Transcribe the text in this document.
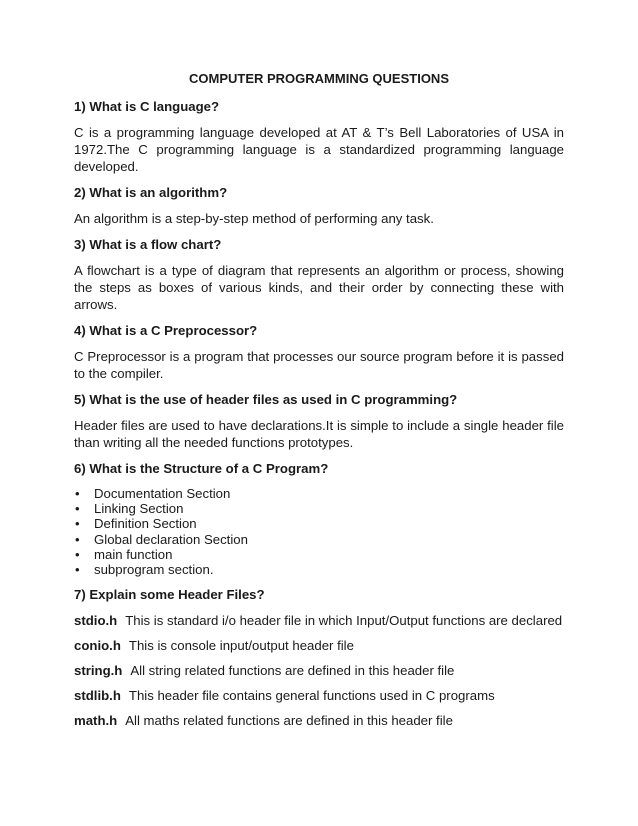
COMPUTER PROGRAMMING QUESTIONS
1) What is C language?
C is a programming language developed at AT & T’s Bell Laboratories of USA in 1972.The C programming language is a standardized programming language developed.
2) What is an algorithm?
An algorithm is a step-by-step method of performing any task.
3) What is a flow chart?
A flowchart is a type of diagram that represents an algorithm or process, showing the steps as boxes of various kinds, and their order by connecting these with arrows.
4) What is a C Preprocessor?
C Preprocessor is a program that processes our source program before it is passed to the compiler.
5) What is the use of header files as used in C programming?
Header files are used to have declarations.It is simple to include a single header file than writing all the needed functions prototypes.
6) What is the Structure of a C Program?
• Documentation Section
• Linking Section
• Definition Section
• Global declaration Section
• main function
• subprogram section.
7) Explain some Header Files?
stdio.h This is standard i/o header file in which Input/Output functions are declared
conio.h This is console input/output header file
string.h All string related functions are defined in this header file
stdlib.h This header file contains general functions used in C programs
math.h All maths related functions are defined in this header file
